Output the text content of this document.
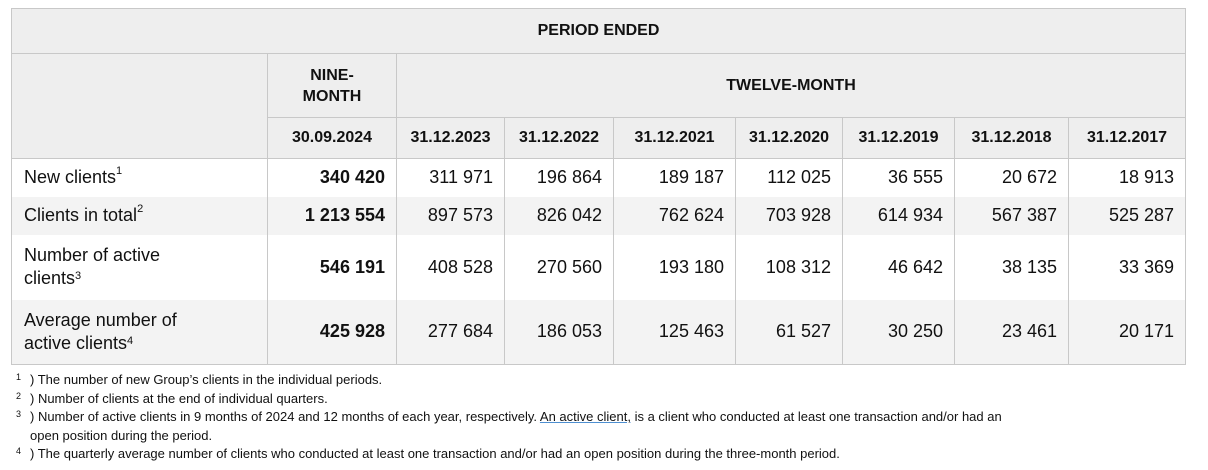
PERIOD ENDED								
	NINE-
MONTH	TWELVE-MONTH						
	30.09.2024	31.12.2023	31.12.2022	31.12.2021	31.12.2020	31.12.2019	31.12.2018	31.12.2017
New clients$^1$	340 420	311 971	196 864	189 187	112 025	36 555	20 672	18 913
Clients in total$^2$	1 213 554	897 573	826 042	762 624	703 928	614 934	567 387	525 287
Number of active
clients$^3$	546 191	408 528	270 560	193 180	108 312	46 642	38 135	33 369
Average number of
active clients$^4$	425 928	277 684	186 053	125 463	61 527	30 250	23 461	20 171
1 ) The number of new Group’s clients in the individual periods.
2 ) Number of clients at the end of individual quarters.
3 ) Number of active clients in 9 months of 2024 and 12 months of each year, respectively. An active client, is a client who conducted at least one transaction and/or had an
open position during the period.
4 ) The quarterly average number of clients who conducted at least one transaction and/or had an open position during the three-month period.
